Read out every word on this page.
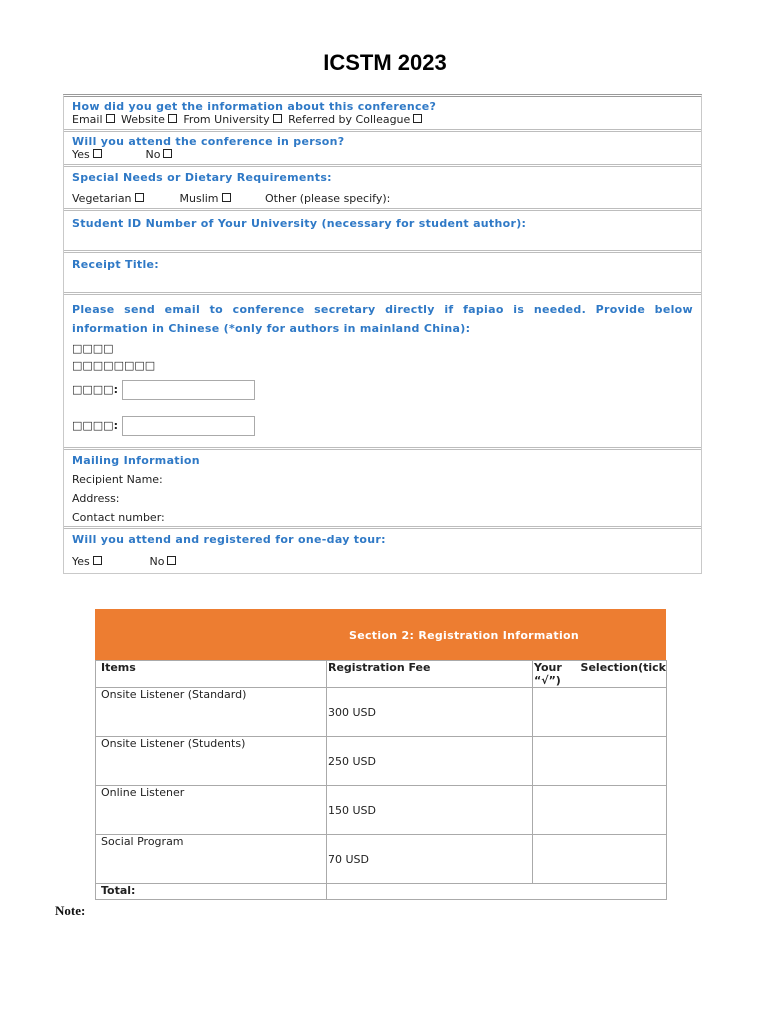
ICSTM 2023
How did you get the information about this conference?
Email Website From University Referred by Colleague
Will you attend the conference in person?
Yes	No
Special Needs or Dietary Requirements:
Vegetarian	Muslim	Other (please specify):
Student ID Number of Your University (necessary for student author):
Receipt Title:
Please send email to conference secretary directly if fapiao is needed. Provide below information in Chinese (*only for authors in mainland China):
□□□□
□□□□□□□□
□□□□:
□□□□:
Mailing Information
Recipient Name:
Address:
Contact number:
Will you attend and registered for one-day tour:
Yes	No
Section 2: Registration Information
Items	Registration Fee	Your Selection(tick “√”)
Onsite Listener (Standard)	300 USD	
Onsite Listener (Students)	250 USD	
Online Listener	150 USD	
Social Program	70 USD	
Total:		
Note:
